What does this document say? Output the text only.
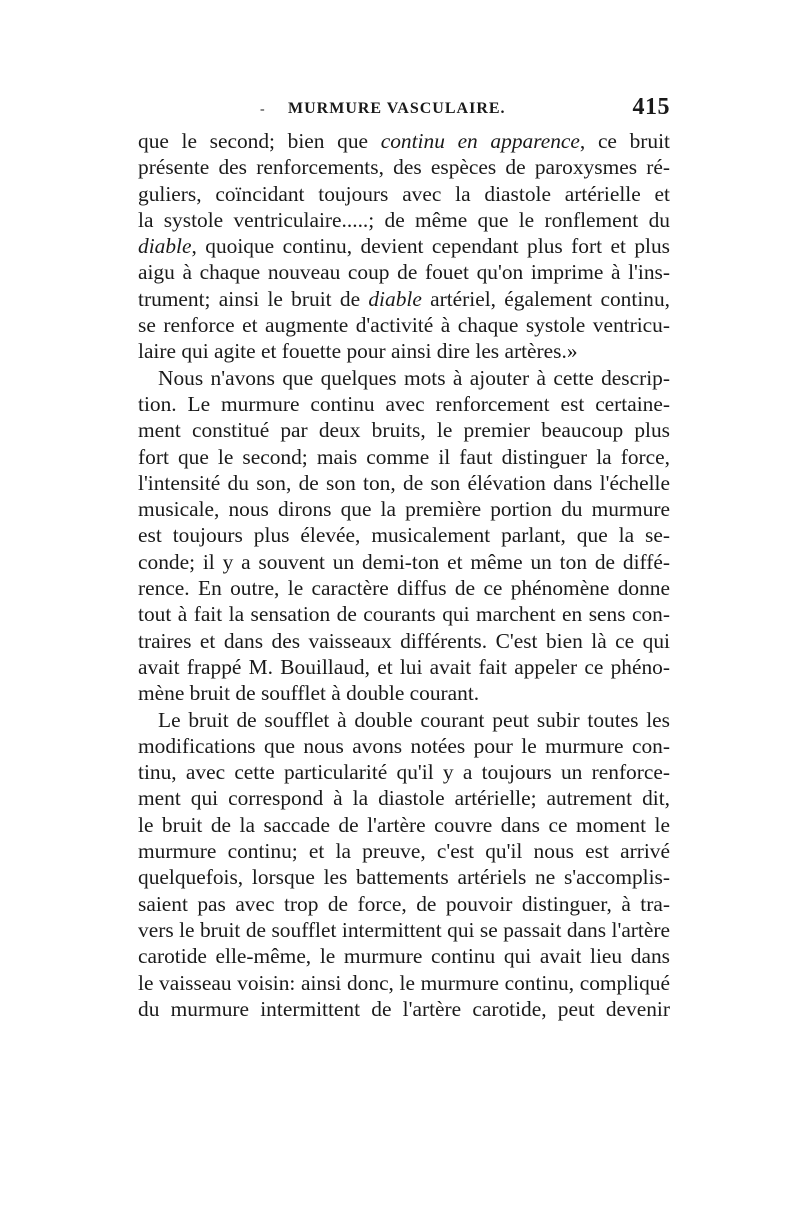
- MURMURE VASCULAIRE.	415
que le second; bien que continu en apparence, ce bruit
présente des renforcements, des espèces de paroxysmes ré-
guliers, coïncidant toujours avec la diastole artérielle et
la systole ventriculaire.....; de même que le ronflement du
diable, quoique continu, devient cependant plus fort et plus
aigu à chaque nouveau coup de fouet qu'on imprime à l'ins-
trument; ainsi le bruit de diable artériel, également continu,
se renforce et augmente d'activité à chaque systole ventricu-
laire qui agite et fouette pour ainsi dire les artères.»
Nous n'avons que quelques mots à ajouter à cette descrip-
tion. Le murmure continu avec renforcement est certaine-
ment constitué par deux bruits, le premier beaucoup plus
fort que le second; mais comme il faut distinguer la force,
l'intensité du son, de son ton, de son élévation dans l'échelle
musicale, nous dirons que la première portion du murmure
est toujours plus élevée, musicalement parlant, que la se-
conde; il y a souvent un demi-ton et même un ton de diffé-
rence. En outre, le caractère diffus de ce phénomène donne
tout à fait la sensation de courants qui marchent en sens con-
traires et dans des vaisseaux différents. C'est bien là ce qui
avait frappé M. Bouillaud, et lui avait fait appeler ce phéno-
mène bruit de soufflet à double courant.
Le bruit de soufflet à double courant peut subir toutes les
modifications que nous avons notées pour le murmure con-
tinu, avec cette particularité qu'il y a toujours un renforce-
ment qui correspond à la diastole artérielle; autrement dit,
le bruit de la saccade de l'artère couvre dans ce moment le
murmure continu; et la preuve, c'est qu'il nous est arrivé
quelquefois, lorsque les battements artériels ne s'accomplis-
saient pas avec trop de force, de pouvoir distinguer, à tra-
vers le bruit de soufflet intermittent qui se passait dans l'artère
carotide elle-même, le murmure continu qui avait lieu dans
le vaisseau voisin: ainsi donc, le murmure continu, compliqué
du murmure intermittent de l'artère carotide, peut devenir
